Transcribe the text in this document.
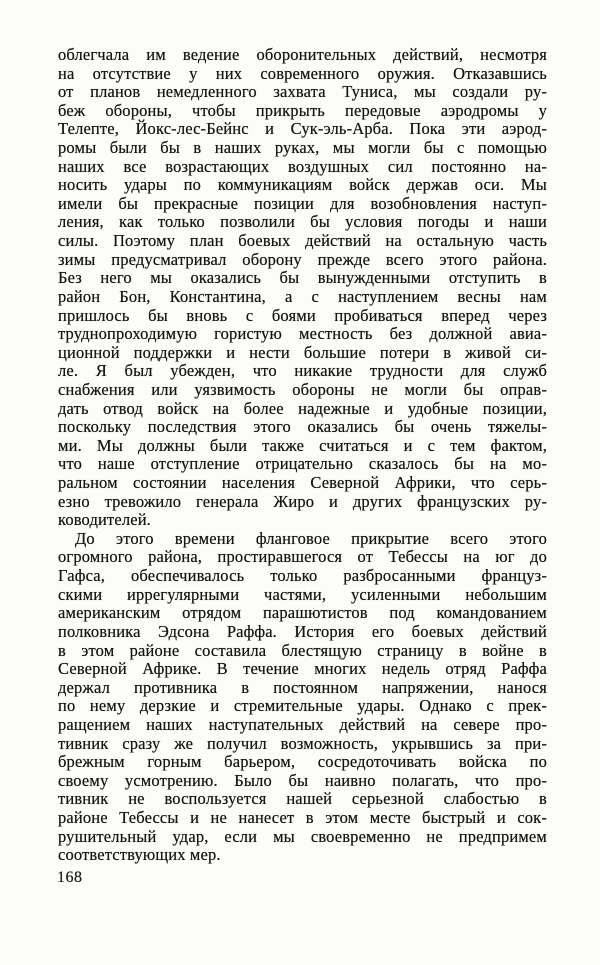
облегчала им ведение оборонительных действий, несмотря
на отсутствие у них современного оружия. Отказавшись
от планов немедленного захвата Туниса, мы создали ру-
беж обороны, чтобы прикрыть передовые аэродромы у
Телепте, Йокс-лес-Бейнс и Сук-эль-Арба. Пока эти аэрод-
ромы были бы в наших руках, мы могли бы с помощью
наших все возрастающих воздушных сил постоянно на-
носить удары по коммуникациям войск держав оси. Мы
имели бы прекрасные позиции для возобновления наступ-
ления, как только позволили бы условия погоды и наши
силы. Поэтому план боевых действий на остальную часть
зимы предусматривал оборону прежде всего этого района.
Без него мы оказались бы вынужденными отступить в
район Бон, Константина, а с наступлением весны нам
пришлось бы вновь с боями пробиваться вперед через
труднопроходимую гористую местность без должной авиа-
ционной поддержки и нести большие потери в живой си-
ле. Я был убежден, что никакие трудности для служб
снабжения или уязвимость обороны не могли бы оправ-
дать отвод войск на более надежные и удобные позиции,
поскольку последствия этого оказались бы очень тяжелы-
ми. Мы должны были также считаться и с тем фактом,
что наше отступление отрицательно сказалось бы на мо-
ральном состоянии населения Северной Африки, что серь-
езно тревожило генерала Жиро и других французских ру-
ководителей.
До этого времени фланговое прикрытие всего этого
огромного района, простиравшегося от Тебессы на юг до
Гафса, обеспечивалось только разбросанными француз-
скими иррегулярными частями, усиленными небольшим
американским отрядом парашютистов под командованием
полковника Эдсона Раффа. История его боевых действий
в этом районе составила блестящую страницу в войне в
Северной Африке. В течение многих недель отряд Раффа
держал противника в постоянном напряжении, нанося
по нему дерзкие и стремительные удары. Однако с прек-
ращением наших наступательных действий на севере про-
тивник сразу же получил возможность, укрывшись за при-
брежным горным барьером, сосредоточивать войска по
своему усмотрению. Было бы наивно полагать, что про-
тивник не воспользуется нашей серьезной слабостью в
районе Тебессы и не нанесет в этом месте быстрый и сок-
рушительный удар, если мы своевременно не предпримем
соответствующих мер.
168
